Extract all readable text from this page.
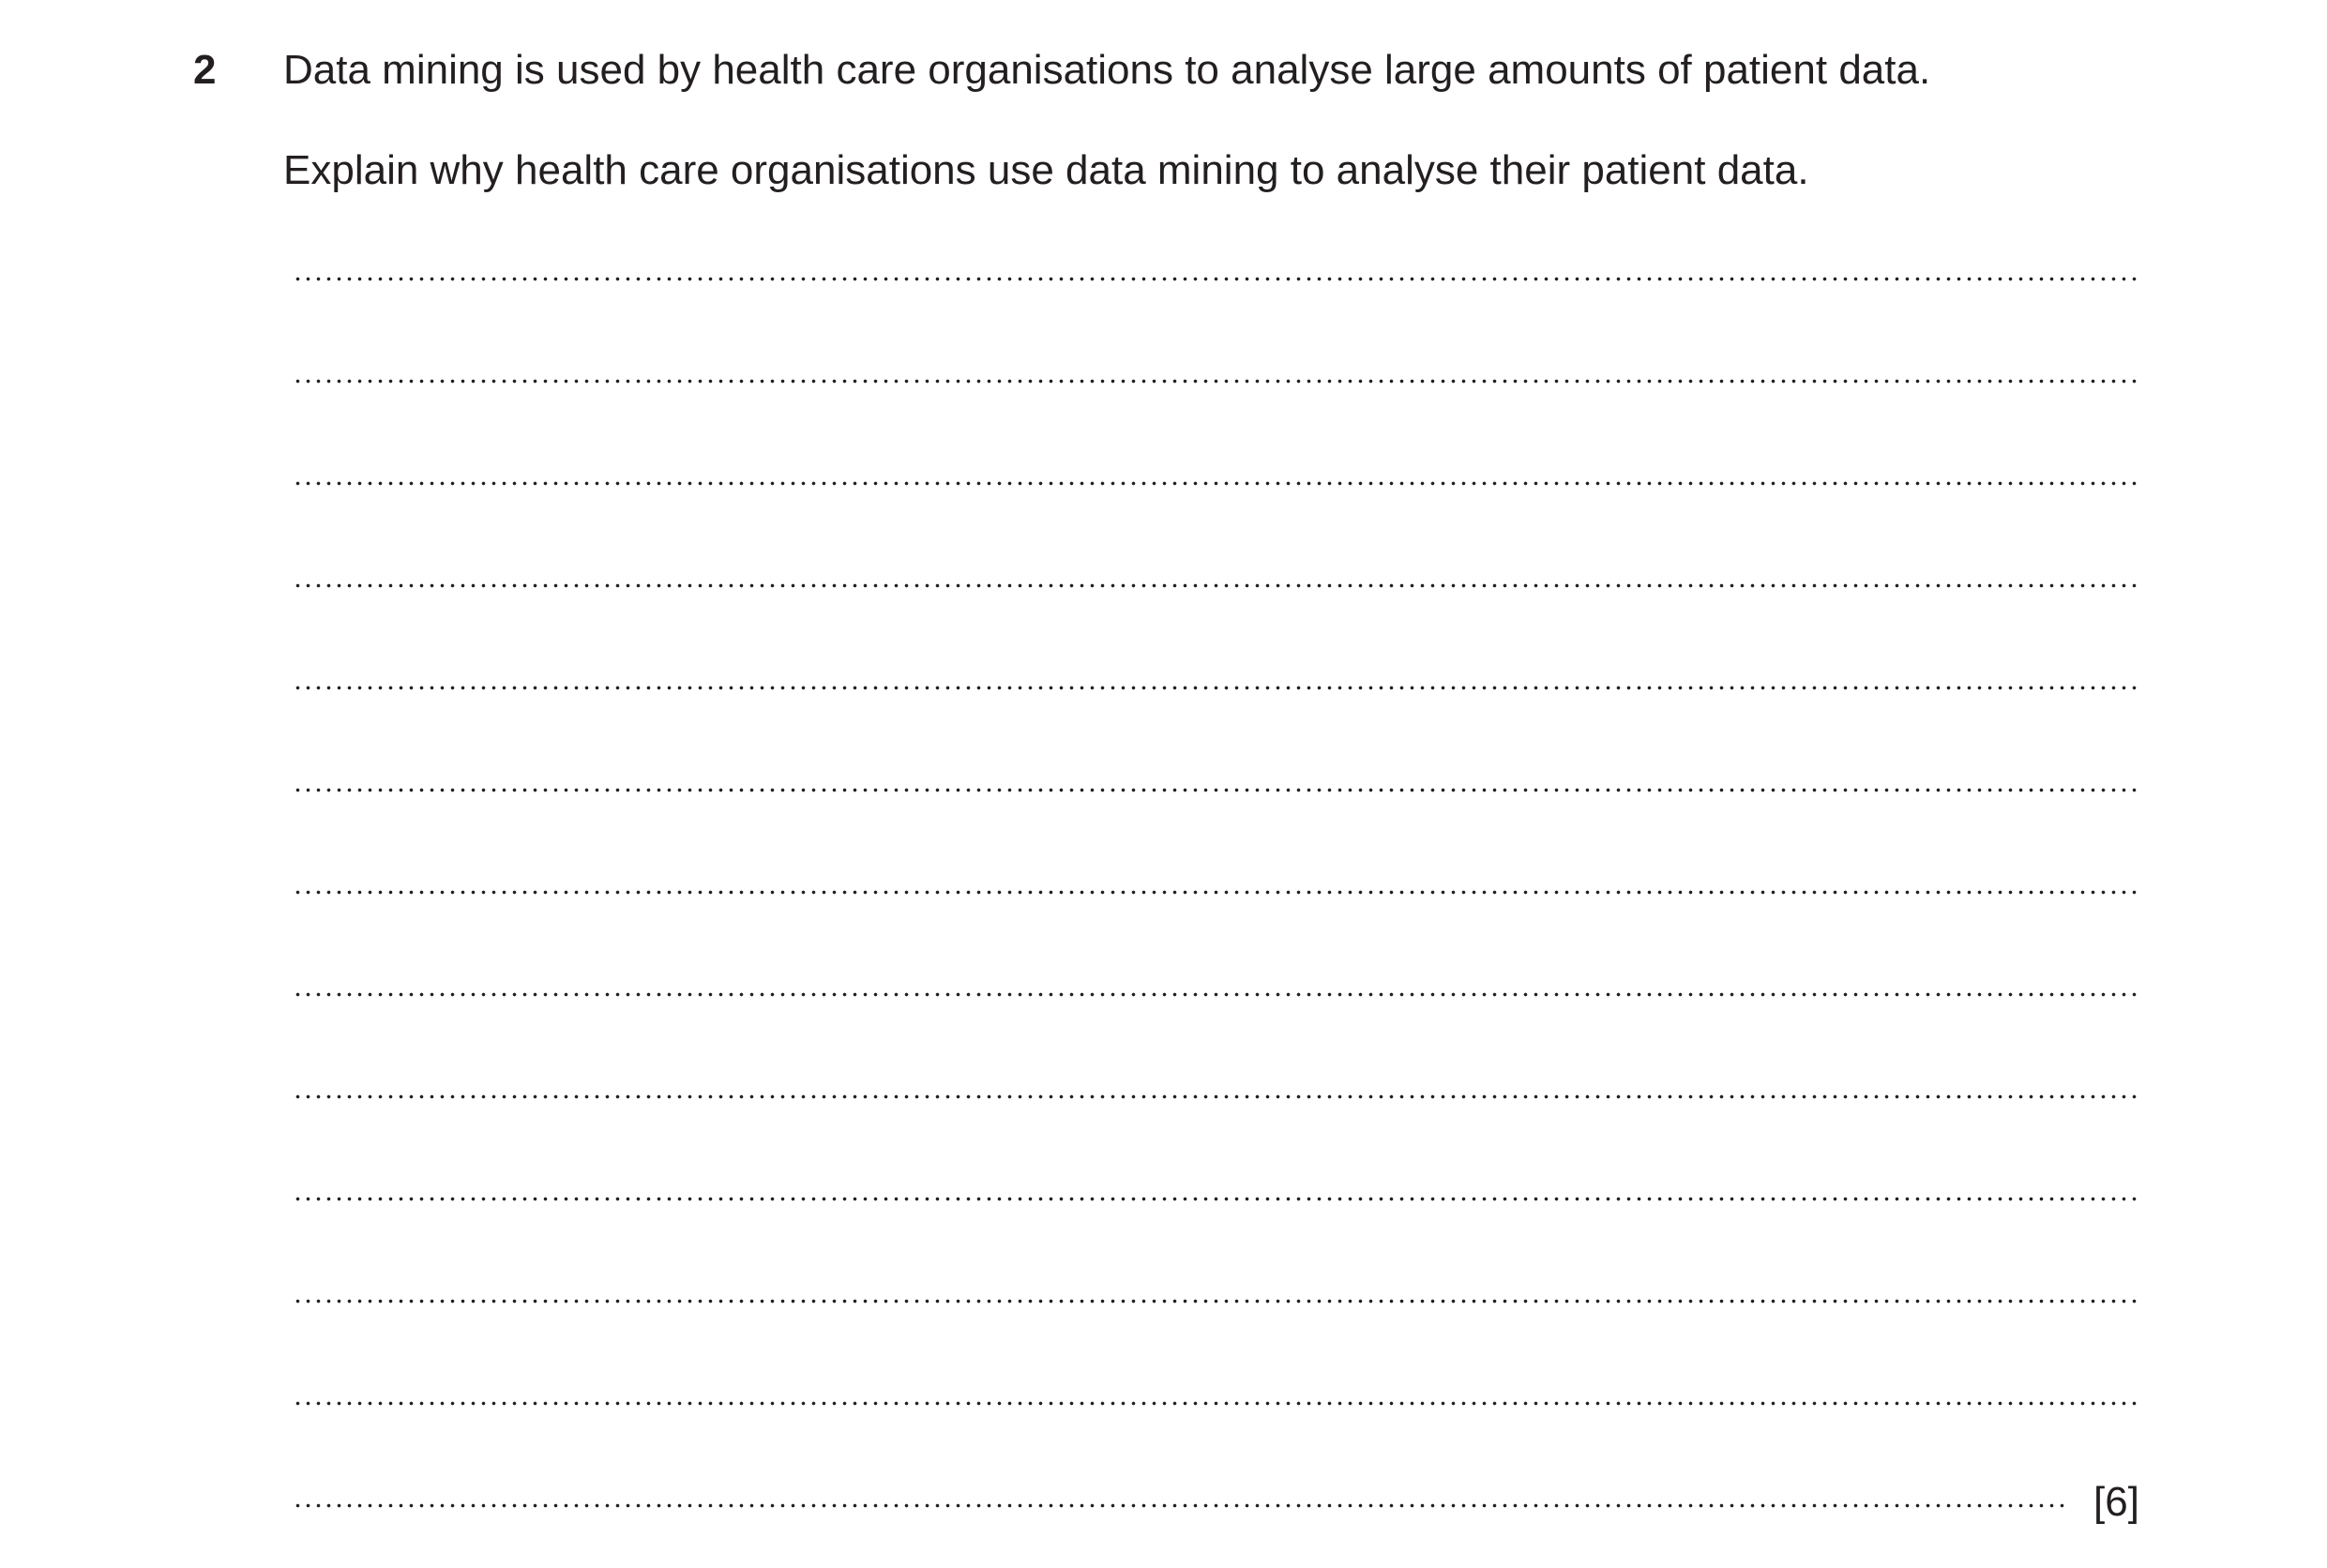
2 Data mining is used by health care organisations to analyse large amounts of patient data.
Explain why health care organisations use data mining to analyse their patient data.
[6]
